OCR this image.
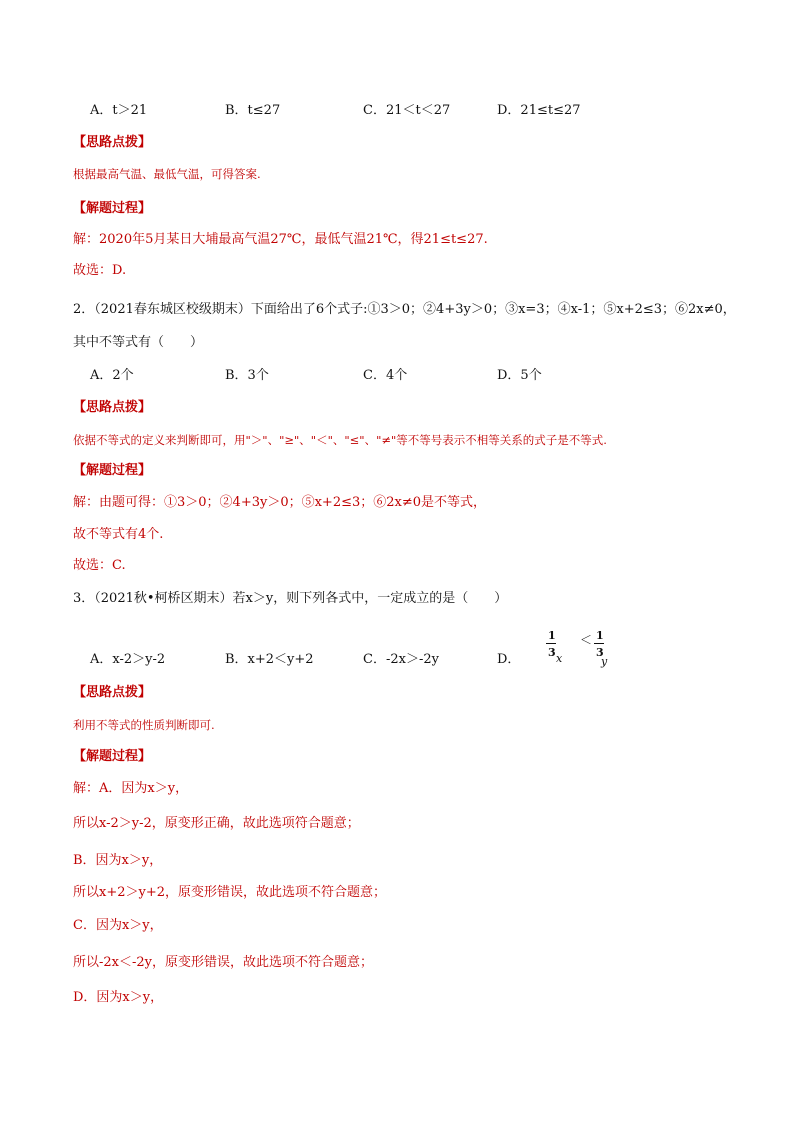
A．t＞21	B．t≤27	C．21＜t＜27	D．21≤t≤27
【思路点拨】
根据最高气温、最低气温，可得答案.
【解题过程】
解：2020年5月某日大埔最高气温27℃，最低气温21℃，得21≤t≤27.
故选：D.
2．（2021春东城区校级期末）下面给出了6个式子:①3＞0；②4+3y＞0；③x=3；④x-1；⑤x+2≤3；⑥2x≠0，
其中不等式有（　　）
A．2个	B．3个	C．4个	D．5个
【思路点拨】
依据不等式的定义来判断即可，用"＞"、"≥"、"＜"、"≤"、"≠"等不等号表示不相等关系的式子是不等式.
【解题过程】
解：由题可得：①3＞0；②4+3y＞0；⑤x+2≤3；⑥2x≠0是不等式，
故不等式有4个.
故选：C.
3．（2021秋•柯桥区期末）若x＞y，则下列各式中，一定成立的是（　　）
A．x-2＞y-2	B．x+2＜y+2	C．-2x＞-2y	D．
1
3 x
＜ 1
3
y
【思路点拨】
利用不等式的性质判断即可.
【解题过程】
解：A．因为x＞y，
所以x-2＞y-2，原变形正确，故此选项符合题意；
B．因为x＞y，
所以x+2＞y+2，原变形错误，故此选项不符合题意；
C．因为x＞y，
所以-2x＜-2y，原变形错误，故此选项不符合题意；
D．因为x＞y，
